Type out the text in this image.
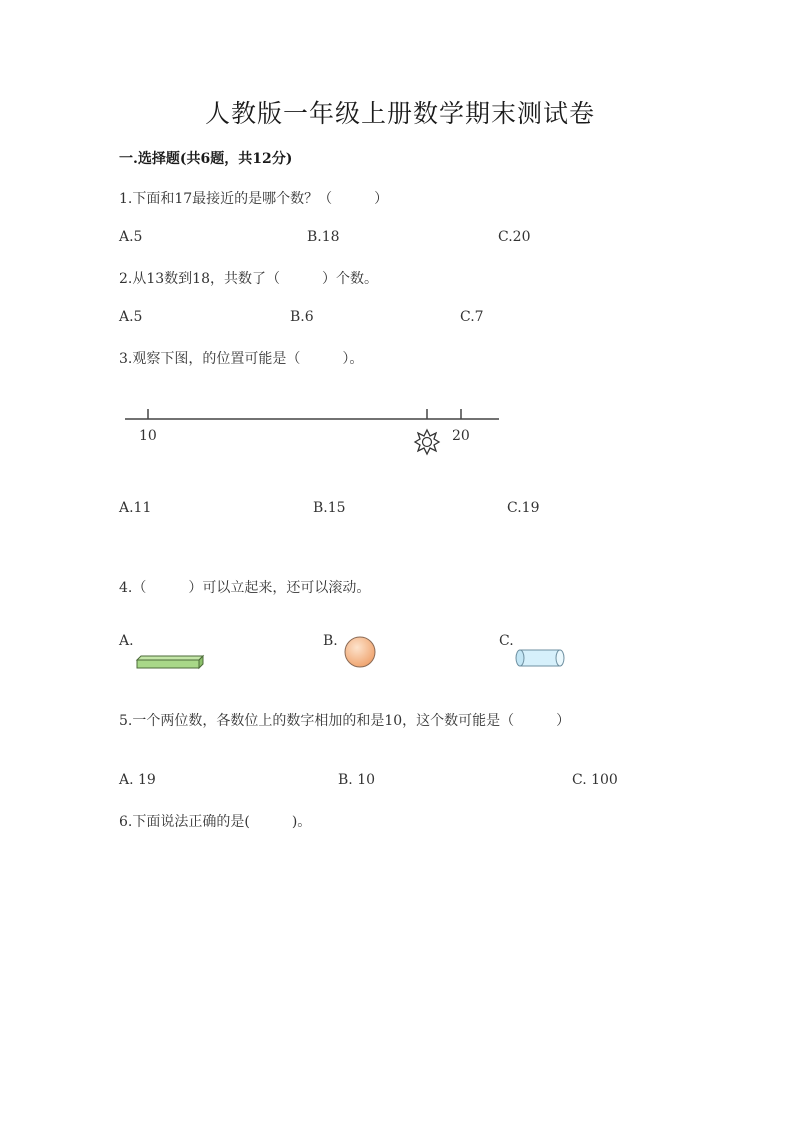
人教版一年级上册数学期末测试卷
一.选择题(共6题，共12分)
1.下面和17最接近的是哪个数？（　　　）
A.5	B.18	C.20
2.从13数到18，共数了（　　　）个数。
A.5	B.6	C.7
3.观察下图，的位置可能是（　　　）。
10	20
A.11	B.15	C.19
4.（　　　）可以立起来，还可以滚动。
A.	B.	C.
5.一个两位数，各数位上的数字相加的和是10，这个数可能是（　　　）
A. 19	B. 10	C. 100
6.下面说法正确的是(　　　)。
